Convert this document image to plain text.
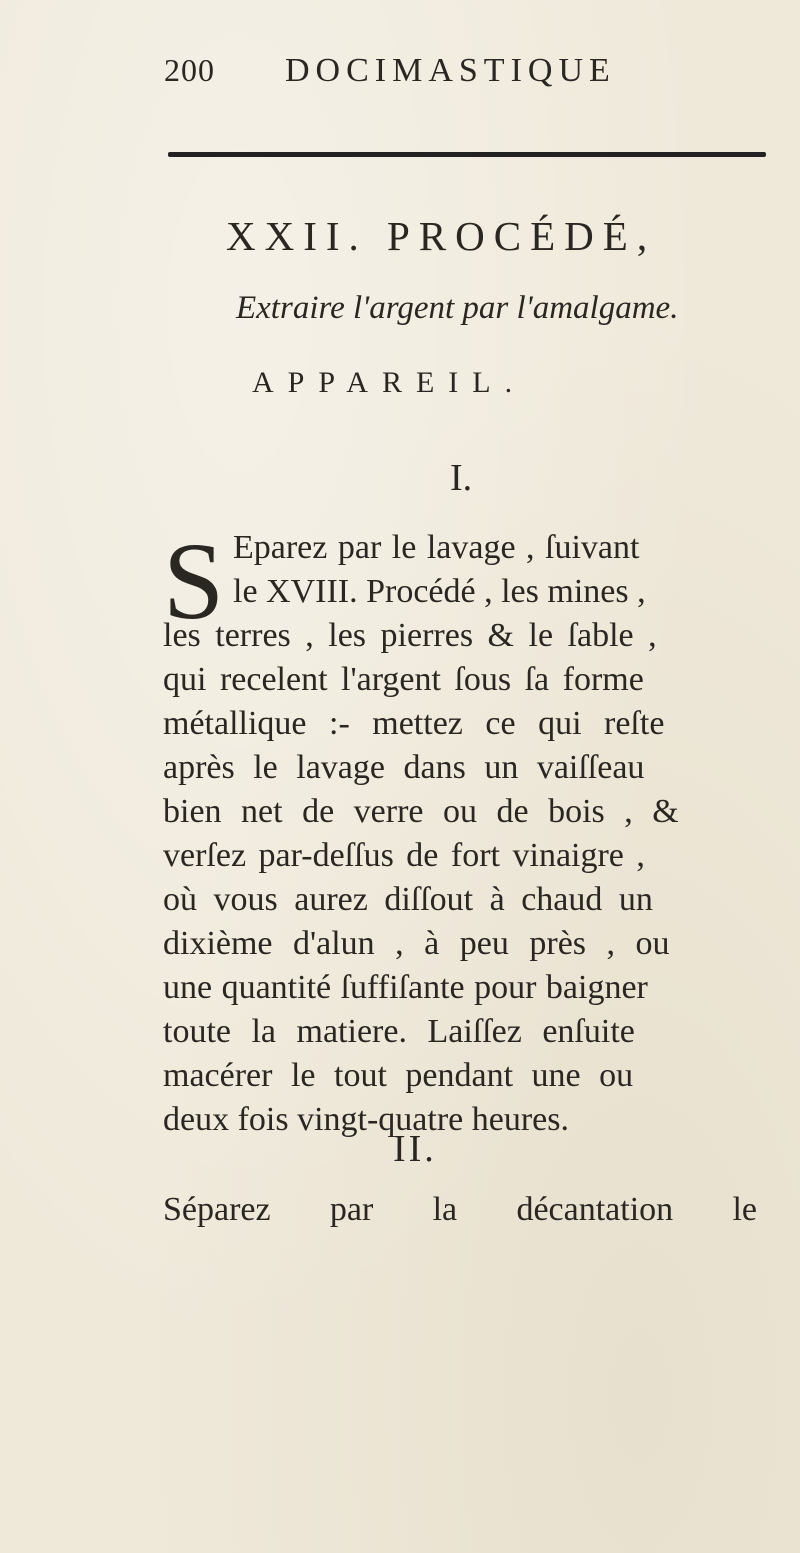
200 DOCIMASTIQUE
XXII. PROCÉDÉ,
Extraire l'argent par l'amalgame.
APPAREIL.
I.
S Eparez par le lavage , ſuivant
le XVIII. Procédé , les mines ,
les terres , les pierres & le ſable ,
qui recelent l'argent ſous ſa forme
métallique :- mettez ce qui reſte
après le lavage dans un vaiſſeau
bien net de verre ou de bois , &
verſez par-deſſus de fort vinaigre ,
où vous aurez diſſout à chaud un
dixième d'alun , à peu près , ou
une quantité ſuffiſante pour baigner
toute la matiere. Laiſſez enſuite
macérer le tout pendant une ou
deux fois vingt-quatre heures.
II.
Séparez par la décantation le
